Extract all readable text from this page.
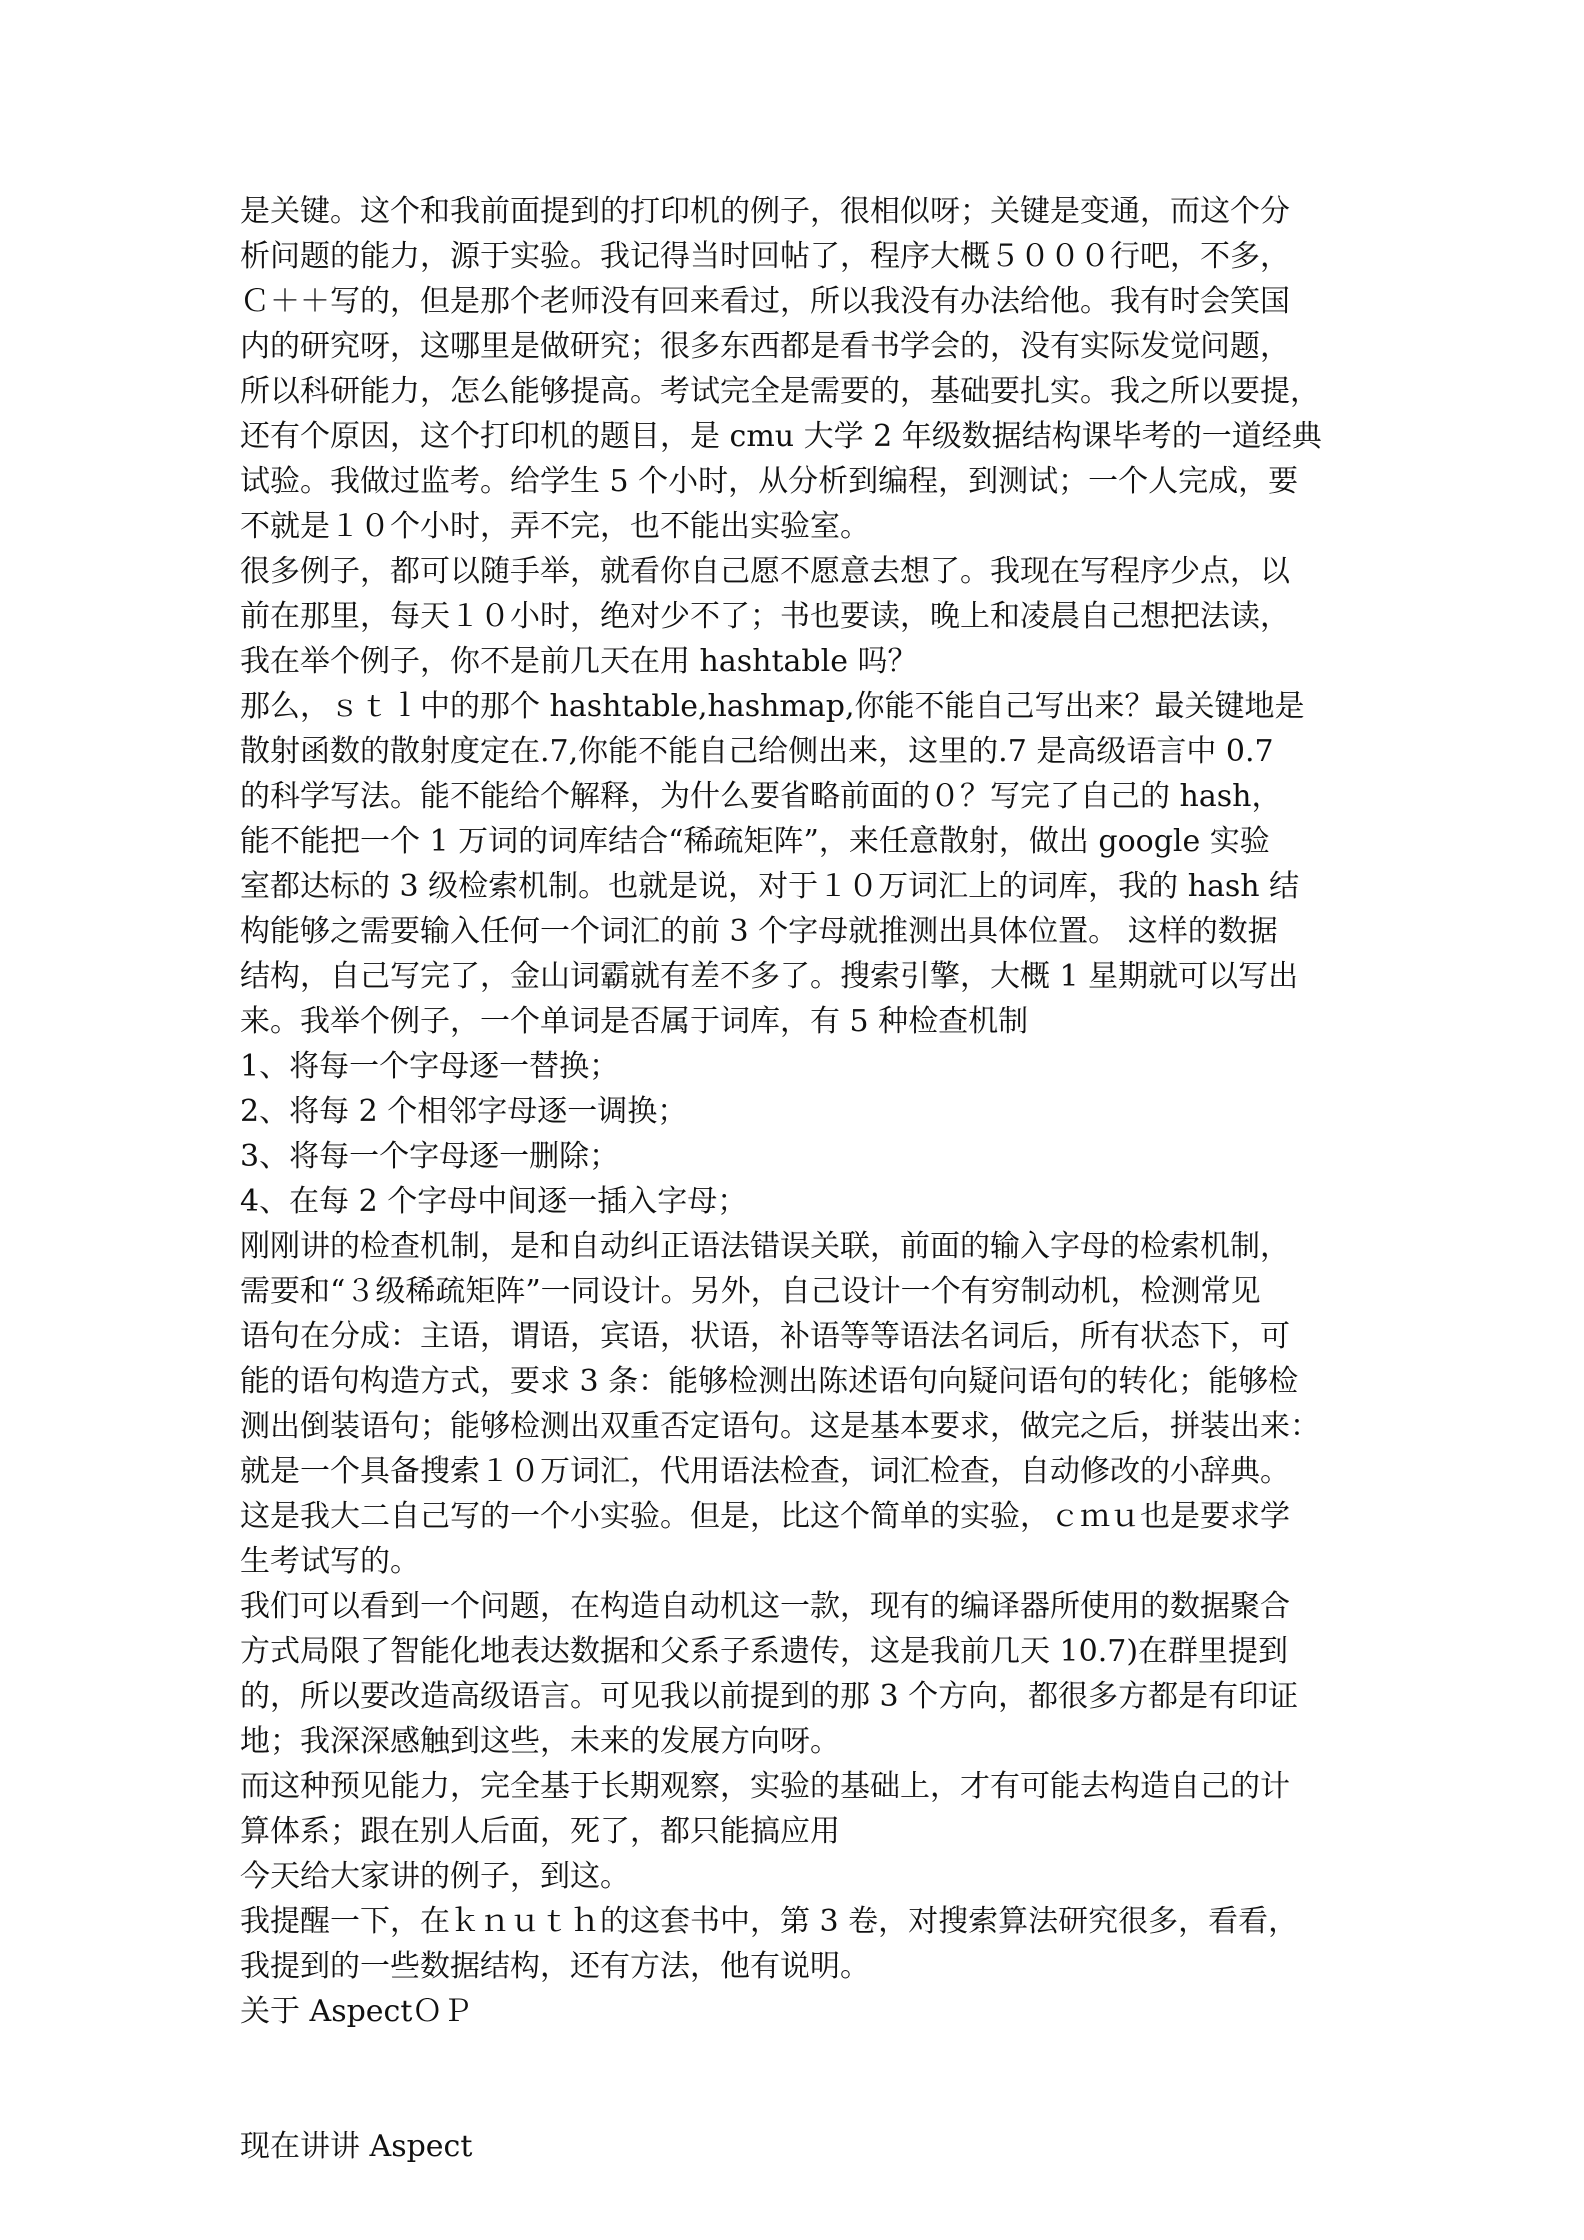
是关键。这个和我前面提到的打印机的例子，很相似呀；关键是变通，而这个分
析问题的能力，源于实验。我记得当时回帖了，程序大概５０００行吧，不多，
Ｃ＋＋写的，但是那个老师没有回来看过，所以我没有办法给他。我有时会笑国
内的研究呀，这哪里是做研究；很多东西都是看书学会的，没有实际发觉问题，
所以科研能力，怎么能够提高。考试完全是需要的，基础要扎实。我之所以要提，
还有个原因，这个打印机的题目，是 cmu 大学 2 年级数据结构课毕考的一道经典
试验。我做过监考。给学生 5 个小时，从分析到编程，到测试；一个人完成，要
不就是１０个小时，弄不完，也不能出实验室。
很多例子，都可以随手举，就看你自己愿不愿意去想了。我现在写程序少点，以
前在那里，每天１０小时，绝对少不了；书也要读，晚上和凌晨自己想把法读，
我在举个例子，你不是前几天在用 hashtable 吗？
那么，ｓｔｌ中的那个 hashtable,hashmap,你能不能自己写出来？最关键地是
散射函数的散射度定在.7,你能不能自己给侧出来，这里的.7 是高级语言中 0.7
的科学写法。能不能给个解释，为什么要省略前面的０？写完了自己的 hash，
能不能把一个 1 万词的词库结合“稀疏矩阵”，来任意散射，做出 google 实验
室都达标的 3 级检索机制。也就是说，对于１０万词汇上的词库，我的 hash 结
构能够之需要输入任何一个词汇的前 3 个字母就推测出具体位置。 这样的数据
结构，自己写完了，金山词霸就有差不多了。搜索引擎，大概 1 星期就可以写出
来。我举个例子，一个单词是否属于词库，有 5 种检查机制
1、将每一个字母逐一替换；
2、将每 2 个相邻字母逐一调换；
3、将每一个字母逐一删除；
4、在每 2 个字母中间逐一插入字母；
刚刚讲的检查机制，是和自动纠正语法错误关联，前面的输入字母的检索机制，
需要和“３级稀疏矩阵”一同设计。另外，自己设计一个有穷制动机，检测常见
语句在分成：主语，谓语，宾语，状语，补语等等语法名词后，所有状态下，可
能的语句构造方式，要求 3 条：能够检测出陈述语句向疑问语句的转化；能够检
测出倒装语句；能够检测出双重否定语句。这是基本要求，做完之后，拼装出来：
就是一个具备搜索１０万词汇，代用语法检查，词汇检查，自动修改的小辞典。
这是我大二自己写的一个小实验。但是，比这个简单的实验，ｃｍｕ也是要求学
生考试写的。
我们可以看到一个问题，在构造自动机这一款，现有的编译器所使用的数据聚合
方式局限了智能化地表达数据和父系子系遗传，这是我前几天 10.7)在群里提到
的，所以要改造高级语言。可见我以前提到的那 3 个方向，都很多方都是有印证
地；我深深感触到这些，未来的发展方向呀。
而这种预见能力，完全基于长期观察，实验的基础上，才有可能去构造自己的计
算体系；跟在别人后面，死了，都只能搞应用
今天给大家讲的例子，到这。
我提醒一下，在ｋｎｕｔｈ的这套书中，第 3 卷，对搜索算法研究很多，看看，
我提到的一些数据结构，还有方法，他有说明。
关于 AspectＯＰ
现在讲讲 Aspect
